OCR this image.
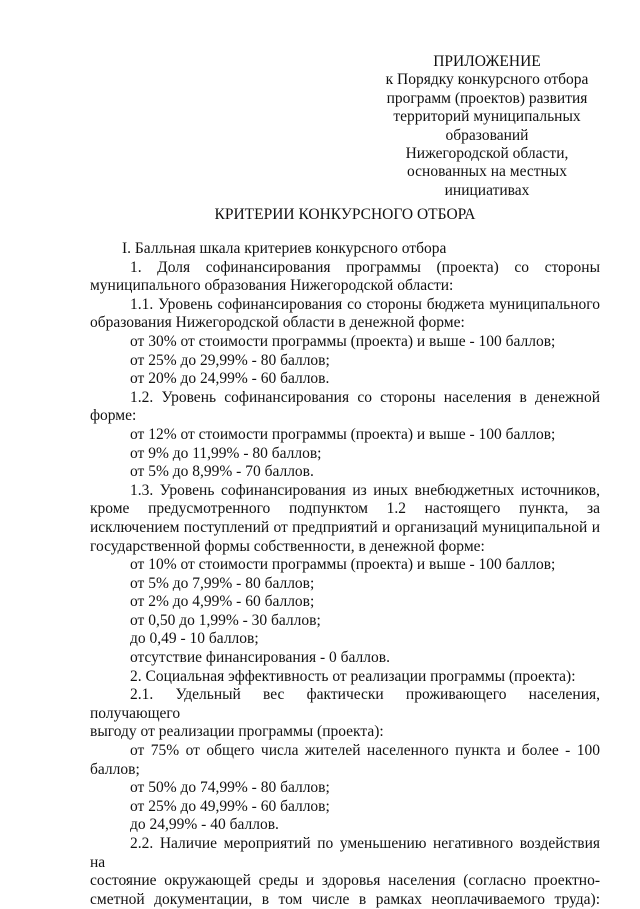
ПРИЛОЖЕНИЕ
к Порядку конкурсного отбора
программ (проектов) развития
территорий муниципальных
образований
Нижегородской области,
основанных на местных
инициативах
КРИТЕРИИ КОНКУРСНОГО ОТБОРА

I. Балльная шкала критериев конкурсного отбора

1. Доля софинансирования программы (проекта) со стороны

муниципального образования Нижегородской области:

1.1. Уровень софинансирования со стороны бюджета муниципального

образования Нижегородской области в денежной форме:

от 30% от стоимости программы (проекта) и выше - 100 баллов;

от 25% до 29,99% - 80 баллов;

от 20% до 24,99% - 60 баллов.

1.2. Уровень софинансирования со стороны населения в денежной

форме:

от 12% от стоимости программы (проекта) и выше - 100 баллов;

от 9% до 11,99% - 80 баллов;

от 5% до 8,99% - 70 баллов.

1.3. Уровень софинансирования из иных внебюджетных источников,

кроме предусмотренного подпунктом 1.2 настоящего пункта, за

исключением поступлений от предприятий и организаций муниципальной и

государственной формы собственности, в денежной форме:

от 10% от стоимости программы (проекта) и выше - 100 баллов;

от 5% до 7,99% - 80 баллов;

от 2% до 4,99% - 60 баллов;

от 0,50 до 1,99% - 30 баллов;

до 0,49 - 10 баллов;

отсутствие финансирования - 0 баллов.

2. Социальная эффективность от реализации программы (проекта):

2.1. Удельный вес фактически проживающего населения, получающего

выгоду от реализации программы (проекта):

от 75% от общего числа жителей населенного пункта и более - 100

баллов;

от 50% до 74,99% - 80 баллов;

от 25% до 49,99% - 60 баллов;

до 24,99% - 40 баллов.

2.2. Наличие мероприятий по уменьшению негативного воздействия на

состояние окружающей среды и здоровья населения (согласно проектно-

сметной документации, в том числе в рамках неоплачиваемого труда):
